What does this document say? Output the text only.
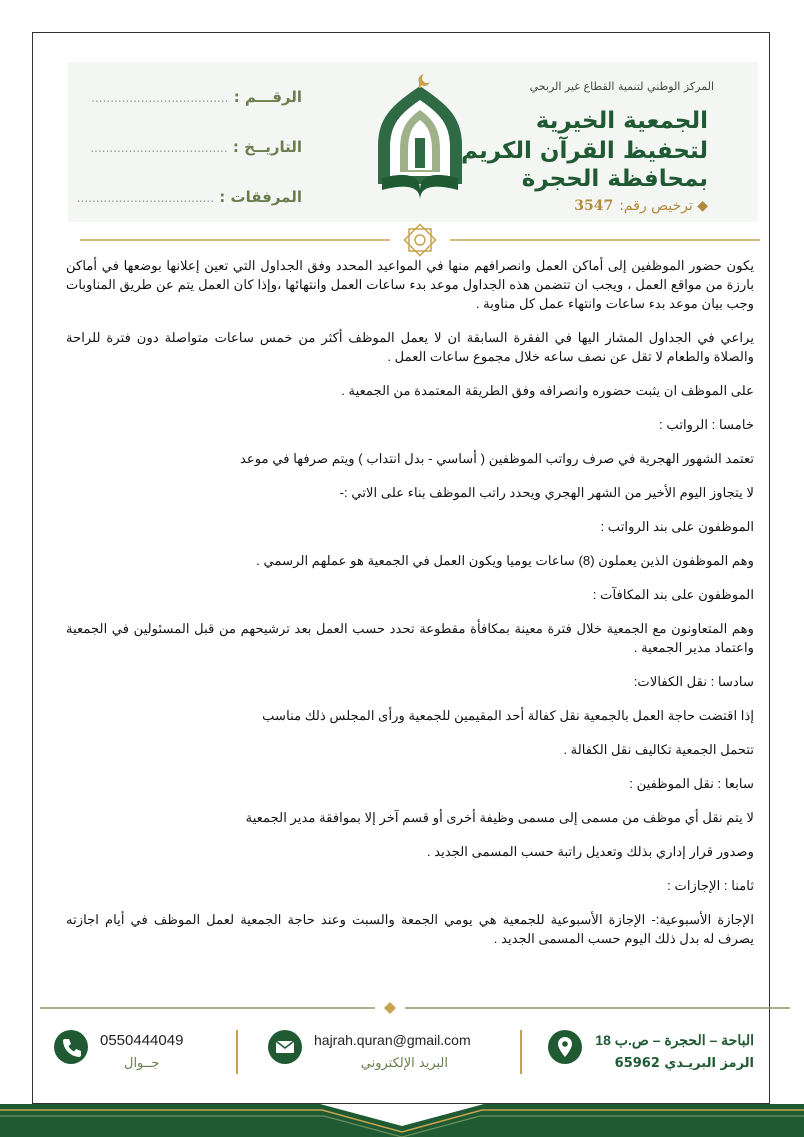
الرقـــم : ....................................
التاريــخ : ....................................
المرفقات : ....................................
المركز الوطني لتنمية القطاع غير الربحي
الجمعية الخيرية
لتحفيظ القرآن الكريم
بمحافظة الحجرة
◆ ترخيص رقم:3547

يكون حضور الموظفين إلى أماكن العمل وانصرافهم منها في المواعيد المحدد وفق الجداول التي تعين إعلانها بوضعها في أماكن بارزة من مواقع العمل ، ويجب ان تتضمن هذه الجداول موعد بدء ساعات العمل وانتهائها ،وإذا كان العمل يتم عن طريق المناوبات وجب بيان موعد بدء ساعات وانتهاء عمل كل مناوبة .

يراعي في الجداول المشار اليها في الفقرة السابقة ان لا يعمل الموظف أكثر من خمس ساعات متواصلة دون فترة للراحة والصلاة والطعام لا تقل عن نصف ساعه خلال مجموع ساعات العمل .

على الموظف ان يثبت حضوره وانصرافه وفق الطريقة المعتمدة من الجمعية .

خامسا : الرواتب :

تعتمد الشهور الهجرية في صرف رواتب الموظفين ( أساسي - بدل انتداب ) ويتم صرفها في موعد

لا يتجاوز اليوم الأخير من الشهر الهجري ويحدد راتب الموظف بناء على الاتي :-

الموظفون على بند الرواتب :

وهم الموظفون الذين يعملون (8) ساعات يوميا ويكون العمل في الجمعية هو عملهم الرسمي .

الموظفون على بند المكافآت :

وهم المتعاونون مع الجمعية خلال فترة معينة بمكافأة مقطوعة تحدد حسب العمل بعد ترشيحهم من قبل المسئولين في الجمعية واعتماد مدير الجمعية .

سادسا : نقل الكفالات:

إذا اقتضت حاجة العمل بالجمعية نقل كفالة أحد المقيمين للجمعية ورأى المجلس ذلك مناسب

تتحمل الجمعية تكاليف نقل الكفالة .

سابعا : نقل الموظفين :

لا يتم نقل أي موظف من مسمى إلى مسمى وظيفة أخرى أو قسم آخر إلا بموافقة مدير الجمعية

وصدور قرار إداري بذلك وتعديل راتبة حسب المسمى الجديد .

ثامنا : الإجازات :

الإجازة الأسبوعية:- الإجازة الأسبوعية للجمعية هي يومي الجمعة والسبت وعند حاجة الجمعية لعمل الموظف في أيام اجازته يصرف له بدل ذلك اليوم حسب المسمى الجديد .

الباحة – الحجرة – ص.ب 18
الرمز البريـدي 65962
hajrah.quran@gmail.com
البريد الإلكتروني
0550444049
جــوال
